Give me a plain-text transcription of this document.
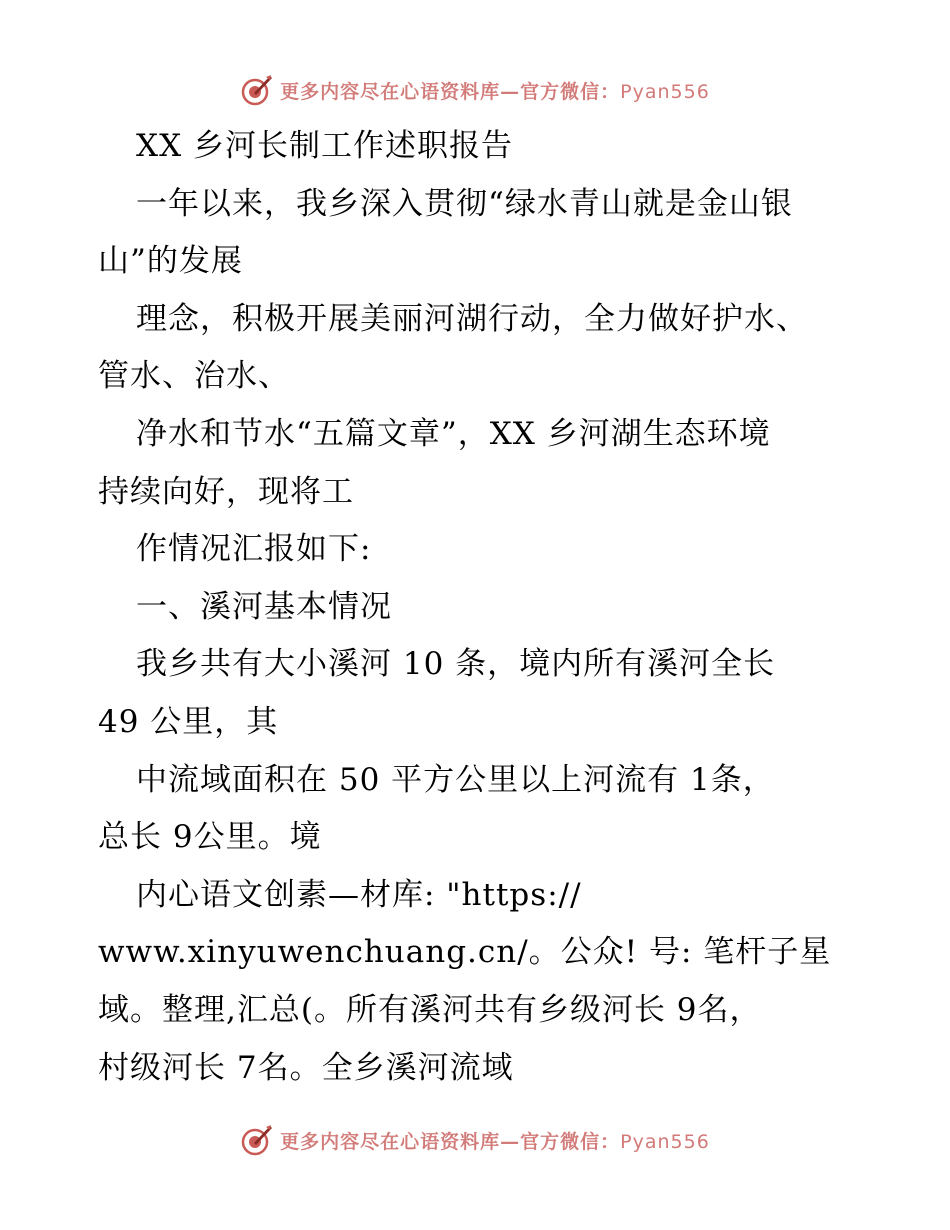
更多内容尽在心语资料库—官方微信：Pyan556
XX 乡河长制工作述职报告
一年以来，我乡深入贯彻“绿水青山就是金山银
山”的发展
理念，积极开展美丽河湖行动，全力做好护水、
管水、治水、
净水和节水“五篇文章”，XX 乡河湖生态环境
持续向好，现将工
作情况汇报如下:
一、溪河基本情况
我乡共有大小溪河 10 条，境内所有溪河全长
49 公里，其
中流域面积在 50 平方公里以上河流有 1条，
总长 9公里。境
内心语文创素—材库: "https://
www.xinyuwenchuang.cn/。公众! 号: 笔杆子星
域。整理,汇总(。所有溪河共有乡级河长 9名，
村级河长 7名。全乡溪河流域
更多内容尽在心语资料库—官方微信：Pyan556
